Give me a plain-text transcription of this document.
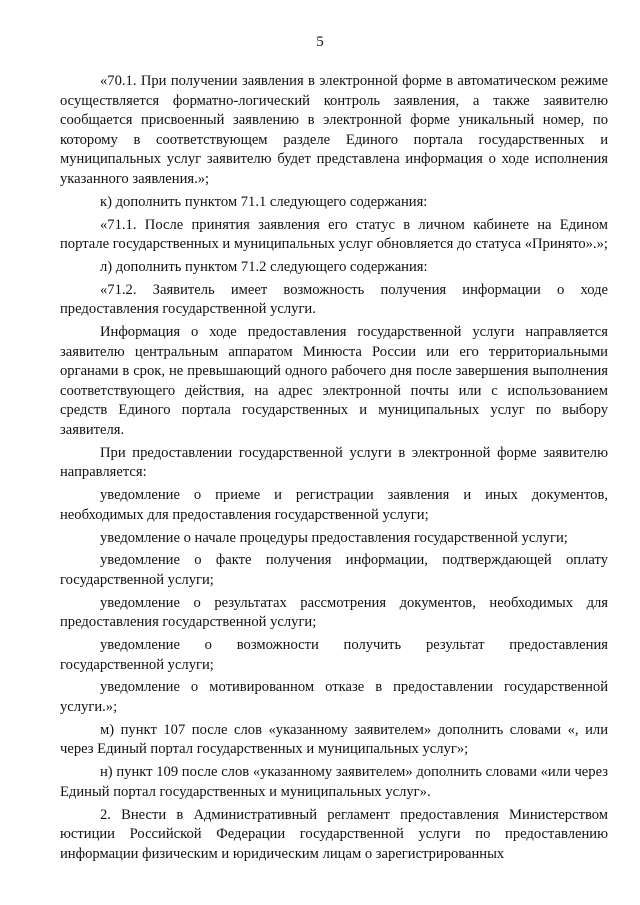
5

«70.1. При получении заявления в электронной форме в автоматическом режиме осуществляется форматно-логический контроль заявления, а также заявителю сообщается присвоенный заявлению в электронной форме уникальный номер, по которому в соответствующем разделе Единого портала государственных и муниципальных услуг заявителю будет представлена информация о ходе исполнения указанного заявления.»;

к) дополнить пунктом 71.1 следующего содержания:

«71.1. После принятия заявления его статус в личном кабинете на Едином портале государственных и муниципальных услуг обновляется до статуса «Принято».»;

л) дополнить пунктом 71.2 следующего содержания:

«71.2. Заявитель имеет возможность получения информации о ходе предоставления государственной услуги.

Информация о ходе предоставления государственной услуги направляется заявителю центральным аппаратом Минюста России или его территориальными органами в срок, не превышающий одного рабочего дня после завершения выполнения соответствующего действия, на адрес электронной почты или с использованием средств Единого портала государственных и муниципальных услуг по выбору заявителя.

При предоставлении государственной услуги в электронной форме заявителю направляется:

уведомление о приеме и регистрации заявления и иных документов, необходимых для предоставления государственной услуги;

уведомление о начале процедуры предоставления государственной услуги;

уведомление о факте получения информации, подтверждающей оплату государственной услуги;

уведомление о результатах рассмотрения документов, необходимых для предоставления государственной услуги;

уведомление о возможности получить результат предоставления государственной услуги;

уведомление о мотивированном отказе в предоставлении государственной услуги.»;

м) пункт 107 после слов «указанному заявителем» дополнить словами «, или через Единый портал государственных и муниципальных услуг»;

н) пункт 109 после слов «указанному заявителем» дополнить словами «или через Единый портал государственных и муниципальных услуг».

2. Внести в Административный регламент предоставления Министерством юстиции Российской Федерации государственной услуги по предоставлению информации физическим и юридическим лицам о зарегистрированных
